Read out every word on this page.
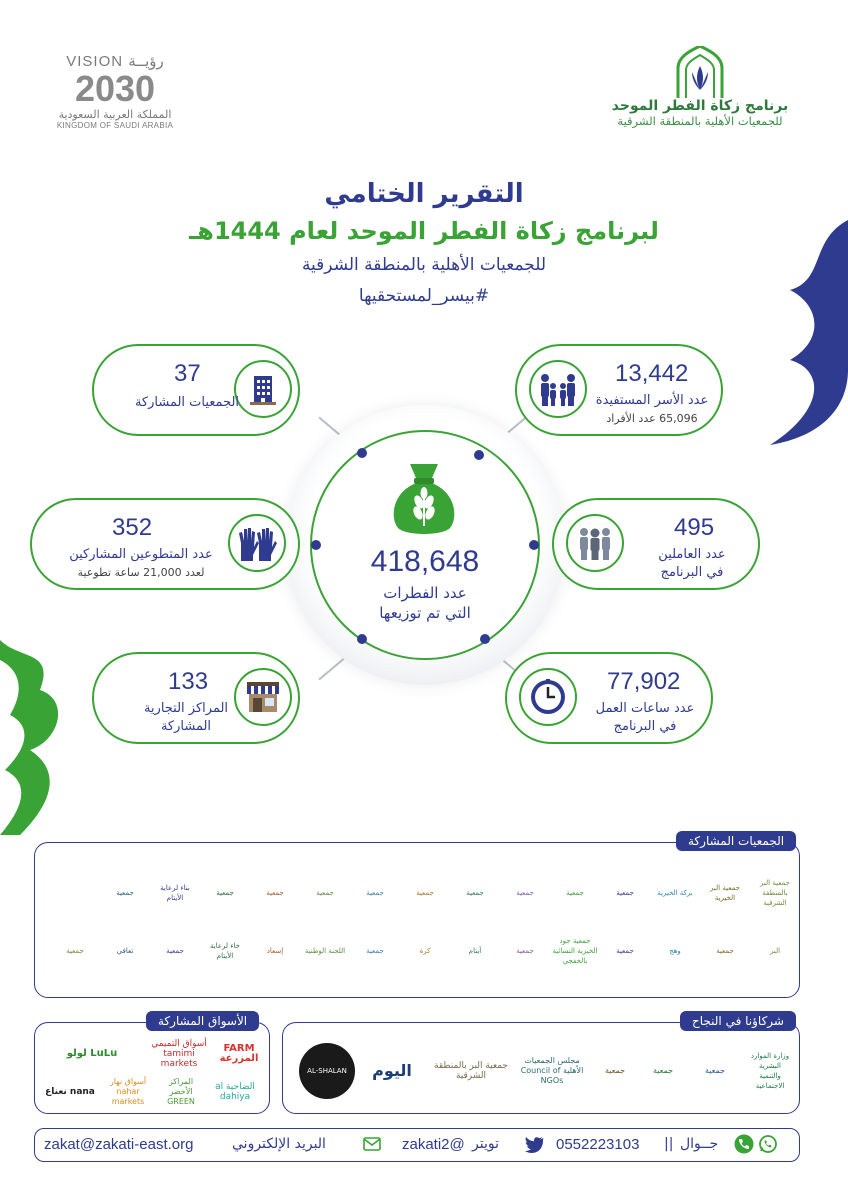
VISION رؤيــة
2030
المملكة العربية السعودية
KINGDOM OF SAUDI ARABIA
برنامج زكاة الفطر الموحد
للجمعيات الأهلية بالمنطقة الشرقية
التقرير الختامي
لبرنامج زكاة الفطر الموحد لعام 1444هـ
للجمعيات الأهلية بالمنطقة الشرقية
#بيسر_لمستحقيها
418,648
عدد الفطرات
التي تم توزيعها
37
الجمعيات المشاركة
13,442
عدد الأسر المستفيدة
65,096 عدد الأفراد
352
عدد المتطوعين المشاركين
لعدد 21,000 ساعة تطوعية
495
عدد العاملين
في البرنامج
133
المراكز التجارية
المشاركة
77,902
عدد ساعات العمل
في البرنامج
الجمعيات المشاركة
جمعية البر بالمنطقة الشرقية
جمعية البر الخيرية
بركة الخيرية
جمعية
جمعية
جمعية
جمعية
جمعية
جمعية
جمعية
جمعية
جمعية
بناء لرعاية الأيتام
جمعية
البر
جمعية
وهج
جمعية
جمعية جود الخيرية النسائية بالخفجي
جمعية
أيتام
كرة
جمعية
اللجنة الوطنية
إسعاد
خاء لرعاية الأيتام
جمعية
تعافي
جمعية
الأسواق المشاركة
FARM المزرعة
أسواق التميمي tamimi markets
LuLu لولو
الضاحية al dahiya
المراكز الأخضر GREEN
أسواق نهار nahar markets
nana نعناع
شركاؤنا في النجاح
وزارة الموارد البشرية والتنمية الاجتماعية
جمعية
جمعية
جمعية
مجلس الجمعيات الأهلية Council of NGOs
جمعية البر بالمنطقة الشرقية
اليوم
AL-SHALAN
zakat@zakati-east.org	البريد الإلكتروني	@zakati2 تويتر	0552223103 || جــوال
